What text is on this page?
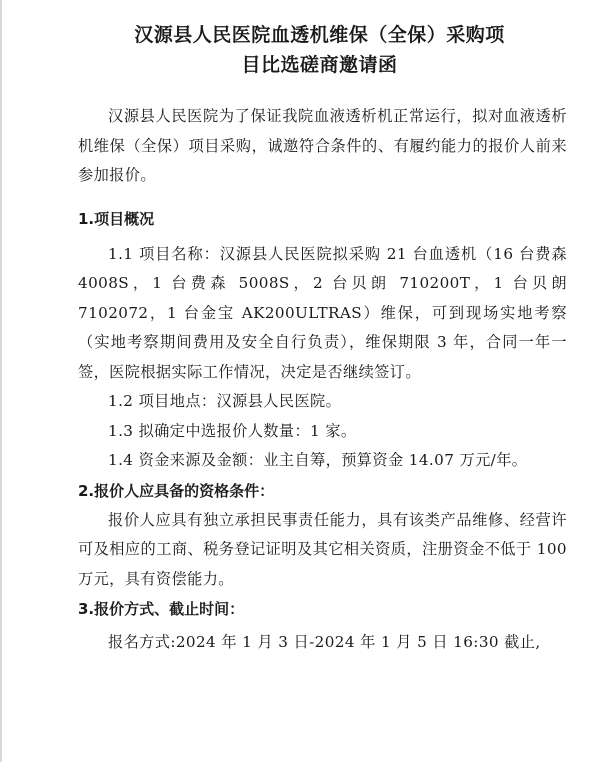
汉源县人民医院血透机维保（全保）采购项
目比选磋商邀请函

汉源县人民医院为了保证我院血液透析机正常运行，拟对血液透析机维保（全保）项目采购，诚邀符合条件的、有履约能力的报价人前来参加报价。

1.项目概况

1.1 项目名称：汉源县人民医院拟采购 21 台血透机（16 台费森 4008S，1 台费森 5008S，2 台贝朗 710200T，1 台贝朗 7102072，1 台金宝 AK200ULTRAS）维保，可到现场实地考察（实地考察期间费用及安全自行负责），维保期限 3 年，合同一年一签，医院根据实际工作情况，决定是否继续签订。

1.2 项目地点：汉源县人民医院。

1.3 拟确定中选报价人数量：1 家。

1.4 资金来源及金额：业主自筹，预算资金 14.07 万元/年。

2.报价人应具备的资格条件：

报价人应具有独立承担民事责任能力，具有该类产品维修、经营许可及相应的工商、税务登记证明及其它相关资质，注册资金不低于 100 万元，具有资偿能力。

3.报价方式、截止时间：

报名方式:2024 年 1 月 3 日-2024 年 1 月 5 日 16:30 截止,
